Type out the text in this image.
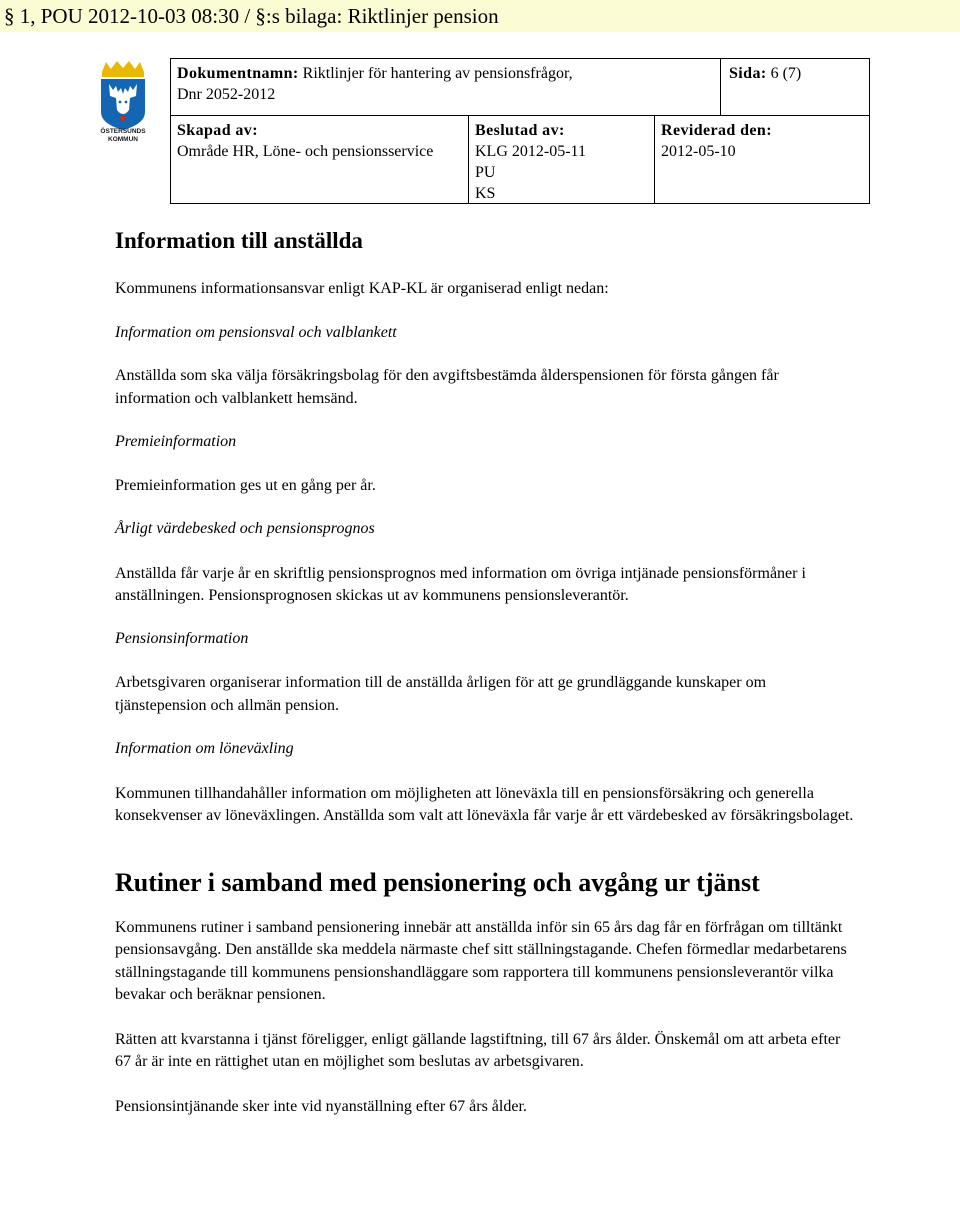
§ 1, POU 2012-10-03 08:30 / §:s bilaga: Riktlinjer pension
ÖSTERSUNDS
KOMMUN
Dokumentnamn: Riktlinjer för hantering av pensionsfrågor,
Dnr 2052-2012
Sida: 6 (7)
Skapad av:
Område HR, Löne- och pensionsservice
Beslutad av:
KLG 2012-05-11
PU
KS
Reviderad den:
2012-05-10
Information till anställda

Kommunens informationsansvar enligt KAP-KL är organiserad enligt nedan:

Information om pensionsval och valblankett

Anställda som ska välja försäkringsbolag för den avgiftsbestämda ålderspensionen för första gången får information och valblankett hemsänd.

Premieinformation

Premieinformation ges ut en gång per år.

Årligt värdebesked och pensionsprognos

Anställda får varje år en skriftlig pensionsprognos med information om övriga intjänade pensionsförmåner i anställningen. Pensionsprognosen skickas ut av kommunens pensionsleverantör.

Pensionsinformation

Arbetsgivaren organiserar information till de anställda årligen för att ge grundläggande kunskaper om tjänstepension och allmän pension.

Information om löneväxling

Kommunen tillhandahåller information om möjligheten att löneväxla till en pensionsförsäkring och generella konsekvenser av löneväxlingen. Anställda som valt att löneväxla får varje år ett värdebesked av försäkringsbolaget.

Rutiner i samband med pensionering och avgång ur tjänst

Kommunens rutiner i samband pensionering innebär att anställda inför sin 65 års dag får en förfrågan om tilltänkt pensionsavgång. Den anställde ska meddela närmaste chef sitt ställningstagande. Chefen förmedlar medarbetarens ställningstagande till kommunens pensionshandläggare som rapportera till kommunens pensionsleverantör vilka bevakar och beräknar pensionen.

Rätten att kvarstanna i tjänst föreligger, enligt gällande lagstiftning, till 67 års ålder. Önskemål om att arbeta efter 67 år är inte en rättighet utan en möjlighet som beslutas av arbetsgivaren.

Pensionsintjänande sker inte vid nyanställning efter 67 års ålder.
